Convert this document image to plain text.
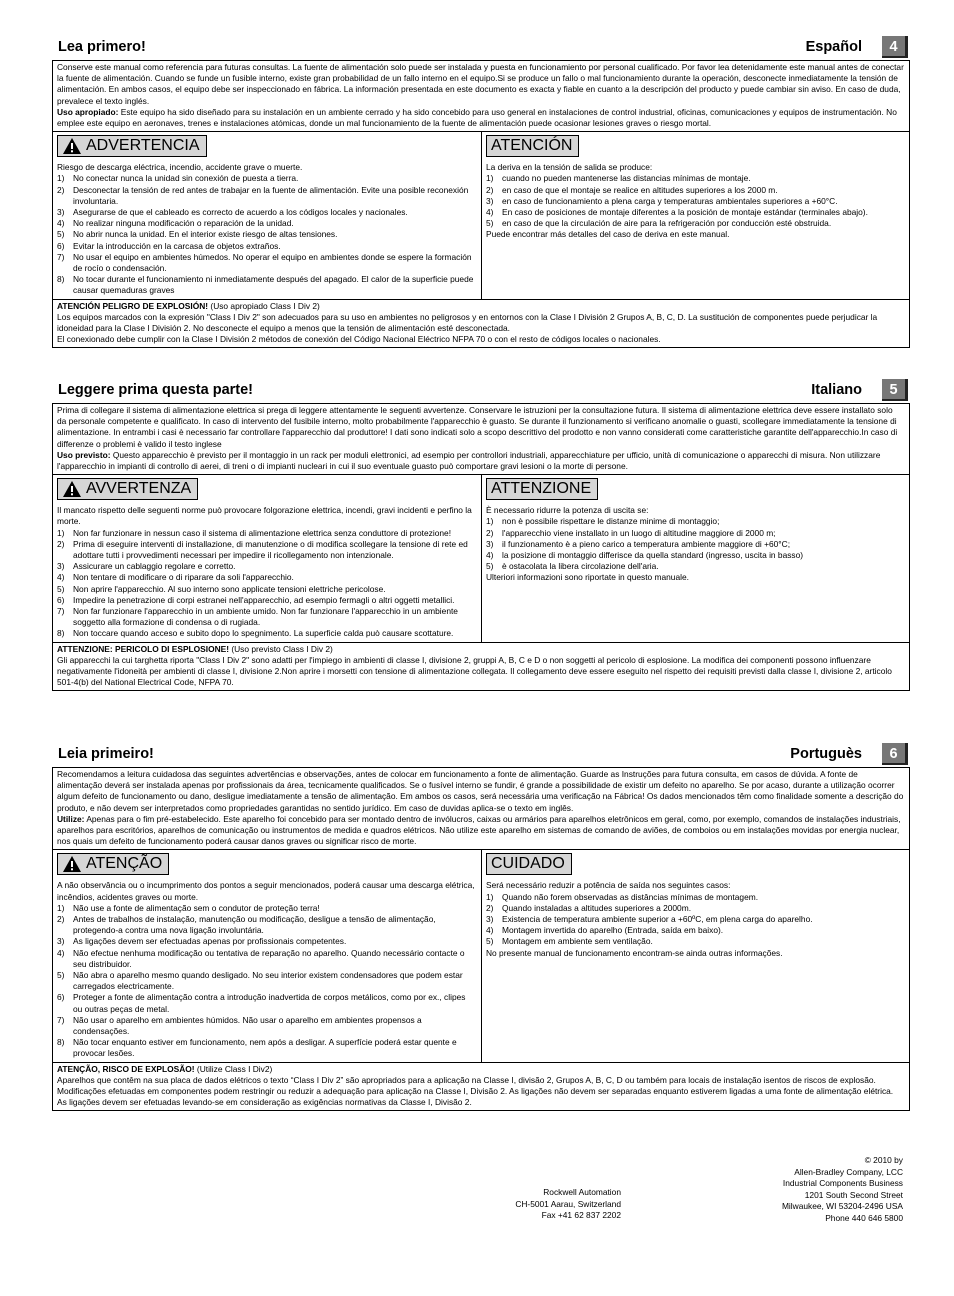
Lea primero!	Español	4
Conserve este manual como referencia para futuras consultas. La fuente de alimentación solo puede ser instalada y puesta en funcionamiento por personal cualificado. Por favor lea detenidamente este manual antes de conectar la fuente de alimentación. Cuando se funde un fusible interno, existe gran probabilidad de un fallo interno en el equipo.Si se produce un fallo o mal funcionamiento durante la operación, desconecte inmediatamente la tensión de alimentación. En ambos casos, el equipo debe ser inspeccionado en fábrica. La información presentada en este documento es exacta y fiable en cuanto a la descripción del producto y puede cambiar sin aviso. En caso de duda, prevalece el texto inglés.
Uso apropiado: Este equipo ha sido diseñado para su instalación en un ambiente cerrado y ha sido concebido para uso general en instalaciones de control industrial, oficinas, comunicaciones y equipos de instrumentación. No emplee este equipo en aeronaves, trenes e instalaciones atómicas, donde un mal funcionamiento de la fuente de alimentación puede ocasionar lesiones graves o riesgo mortal.
ADVERTENCIA
Riesgo de descarga eléctrica, incendio, accidente grave o muerte.
1)	No conectar nunca la unidad sin conexión de puesta a tierra.
2)	Desconectar la tensión de red antes de trabajar en la fuente de alimentación. Evite una posible reconexión involuntaria.
3)	Asegurarse de que el cableado es correcto de acuerdo a los códigos locales y nacionales.
4)	No realizar ninguna modificación o reparación de la unidad.
5)	No abrir nunca la unidad. En el interior existe riesgo de altas tensiones.
6)	Evitar la introducción en la carcasa de objetos extraños.
7)	No usar el equipo en ambientes húmedos. No operar el equipo en ambientes donde se espere la formación de rocío o condensación.
8)	No tocar durante el funcionamiento ni inmediatamente después del apagado. El calor de la superficie puede causar quemaduras graves
ATENCIÓN
La deriva en la tensión de salida se produce:
1)	cuando no pueden mantenerse las distancias mínimas de montaje.
2)	en caso de que el montaje se realice en altitudes superiores a los 2000 m.
3)	en caso de funcionamiento a plena carga y temperaturas ambientales superiores a +60°C.
4)	En caso de posiciones de montaje diferentes a la posición de montaje estándar (terminales abajo).
5)	en caso de que la circulación de aire para la refrigeración por conducción esté obstruida.
Puede encontrar más detalles del caso de deriva en este manual.
ATENCIÓN PELIGRO DE EXPLOSIÓN! (Uso apropiado Class I Div 2)
Los equipos marcados con la expresión "Class I Div 2" son adecuados para su uso en ambientes no peligrosos y en entornos con la Clase I División 2 Grupos A, B, C, D. La sustitución de componentes puede perjudicar la idoneidad para la Clase I División 2. No desconecte el equipo a menos que la tensión de alimentación esté desconectada.
El conexionado debe cumplir con la Clase I División 2 métodos de conexión del Código Nacional Eléctrico NFPA 70 o con el resto de códigos locales o nacionales.
Leggere prima questa parte!	Italiano	5
Prima di collegare il sistema di alimentazione elettrica si prega di leggere attentamente le seguenti avvertenze. Conservare le istruzioni per la consultazione futura. Il sistema di alimentazione elettrica deve essere installato solo da personale competente e qualificato. In caso di intervento del fusibile interno, molto probabilmente l'apparecchio è guasto. Se durante il funzionamento si verificano anomalie o guasti, scollegare immediatamente la tensione di alimentazione. In entrambi i casi è necessario far controllare l'apparecchio dal produttore! I dati sono indicati solo a scopo descrittivo del prodotto e non vanno considerati come caratteristiche garantite dell'apparecchio.In caso di differenze o problemi è valido il testo inglese
Uso previsto: Questo apparecchio è previsto per il montaggio in un rack per moduli elettronici, ad esempio per controllori industriali, apparecchiature per ufficio, unità di comunicazione o apparecchi di misura. Non utilizzare l'apparecchio in impianti di controllo di aerei, di treni o di impianti nucleari in cui il suo eventuale guasto può comportare gravi lesioni o la morte di persone.
AVVERTENZA
Il mancato rispetto delle seguenti norme può provocare folgorazione elettrica, incendi, gravi incidenti e perfino la morte.
1)	Non far funzionare in nessun caso il sistema di alimentazione elettrica senza conduttore di protezione!
2)	Prima di eseguire interventi di installazione, di manutenzione o di modifica scollegare la tensione di rete ed adottare tutti i provvedimenti necessari per impedire il ricollegamento non intenzionale.
3)	Assicurare un cablaggio regolare e corretto.
4)	Non tentare di modificare o di riparare da soli l'apparecchio.
5)	Non aprire l'apparecchio. Al suo interno sono applicate tensioni elettriche pericolose.
6)	Impedire la penetrazione di corpi estranei nell'apparecchio, ad esempio fermagli o altri oggetti metallici.
7)	Non far funzionare l'apparecchio in un ambiente umido. Non far funzionare l'apparecchio in un ambiente soggetto alla formazione di condensa o di rugiada.
8)	Non toccare quando acceso e subito dopo lo spegnimento. La superficie calda può causare scottature.
ATTENZIONE
È necessario ridurre la potenza di uscita se:
1)	non è possibile rispettare le distanze minime di montaggio;
2)	l'apparecchio viene installato in un luogo di altitudine maggiore di 2000 m;
3)	il funzionamento è a pieno carico a temperatura ambiente maggiore di +60°C;
4)	la posizione di montaggio differisce da quella standard (ingresso, uscita in basso)
5)	è ostacolata la libera circolazione dell'aria.
Ulteriori informazioni sono riportate in questo manuale.
ATTENZIONE: PERICOLO DI ESPLOSIONE! (Uso previsto Class I Div 2)
Gli apparecchi la cui targhetta riporta "Class I Div 2" sono adatti per l'impiego in ambienti di classe I, divisione 2, gruppi A, B, C e D o non soggetti al pericolo di esplosione. La modifica dei componenti possono influenzare negativamente l'idoneità per ambienti di classe I, divisione 2.Non aprire i morsetti con tensione di alimentazione collegata. Il collegamento deve essere eseguito nel rispetto dei requisiti previsti dalla classe I, divisione 2, articolo 501-4(b) del National Electrical Code, NFPA 70.
Leia primeiro!	Portuguès	6
Recomendamos a leitura cuidadosa das seguintes advertências e observações, antes de colocar em funcionamento a fonte de alimentação. Guarde as Instruções para futura consulta, em casos de dúvida. A fonte de alimentação deverá ser instalada apenas por profissionais da área, tecnicamente qualificados. Se o fusível interno se fundir, é grande a possibilidade de existir um defeito no aparelho. Se por acaso, durante a utilização ocorrer algum defeito de funcionamento ou dano, desligue imediatamente a tensão de alimentação. Em ambos os casos, será necessária uma verificação na Fábrica! Os dados mencionados têm como finalidade somente a descrição do produto, e não devem ser interpretados como propriedades garantidas no sentido jurídico. Em caso de duvidas aplica-se o texto em inglês.
Utilize: Apenas para o fim pré-estabelecido. Este aparelho foi concebido para ser montado dentro de invólucros, caixas ou armários para aparelhos eletrônicos em geral, como, por exemplo, comandos de instalações industriais, aparelhos para escritórios, aparelhos de comunicação ou instrumentos de medida e quadros elétricos. Não utilize este aparelho em sistemas de comando de aviões, de comboios ou em instalações movidas por energia nuclear, nos quais um defeito de funcionamento poderá causar danos graves ou significar risco de morte.
ATENÇÃO
A não observância ou o incumprimento dos pontos a seguir mencionados, poderá causar uma descarga elétrica, incêndios, acidentes graves ou morte.
1)	Não use a fonte de alimentação sem o condutor de proteção terra!
2)	Antes de trabalhos de instalação, manutenção ou modificação, desligue a tensão de alimentação, protegendo-a contra uma nova ligação involuntária.
3)	As ligações devem ser efectuadas apenas por profissionais competentes.
4)	Não efectue nenhuma modificação ou tentativa de reparação no aparelho. Quando necessário contacte o seu distribuidor.
5)	Não abra o aparelho mesmo quando desligado. No seu interior existem condensadores que podem estar carregados electricamente.
6)	Proteger a fonte de alimentação contra a introdução inadvertida de corpos metálicos, como por ex., clipes ou outras peças de metal.
7)	Não usar o aparelho em ambientes húmidos. Não usar o aparelho em ambientes propensos a condensações.
8)	Não tocar enquanto estiver em funcionamento, nem após a desligar. A superfície poderá estar quente e provocar lesões.
CUIDADO
Será necessário reduzir a potência de saída nos seguintes casos:
1)	Quando não forem observadas as distâncias mínimas de montagem.
2)	Quando instaladas a altitudes superiores a 2000m.
3)	Existencia de temperatura ambiente superior a +60ºC, em plena carga do aparelho.
4)	Montagem invertida do aparelho (Entrada, saída em baixo).
5)	Montagem em ambiente sem ventilação.
No presente manual de funcionamento encontram-se ainda outras informações.
ATENÇÃO, RISCO DE EXPLOSÃO! (Utilize Class I Div2)
Aparelhos que contêm na sua placa de dados elétricos o texto “Class I Div 2” são apropriados para a aplicação na Classe I, divisão 2, Grupos A, B, C, D ou também para locais de instalação isentos de riscos de explosão. Modificações efetuadas em componentes podem restringir ou reduzir a adequação para aplicação na Classe I, Divisão 2. As ligações não devem ser separadas enquanto estiverem ligadas a uma fonte de alimentação elétrica. As ligações devem ser efetuadas levando-se em consideração as exigências normativas da Classe I, Divisão 2.
Rockwell Automation
CH-5001 Aarau, Switzerland
Fax +41 62 837 2202
© 2010 by
Allen-Bradley Company, LCC
Industrial Components Business
1201 South Second Street
Milwaukee, WI 53204-2496 USA
Phone 440 646 5800
